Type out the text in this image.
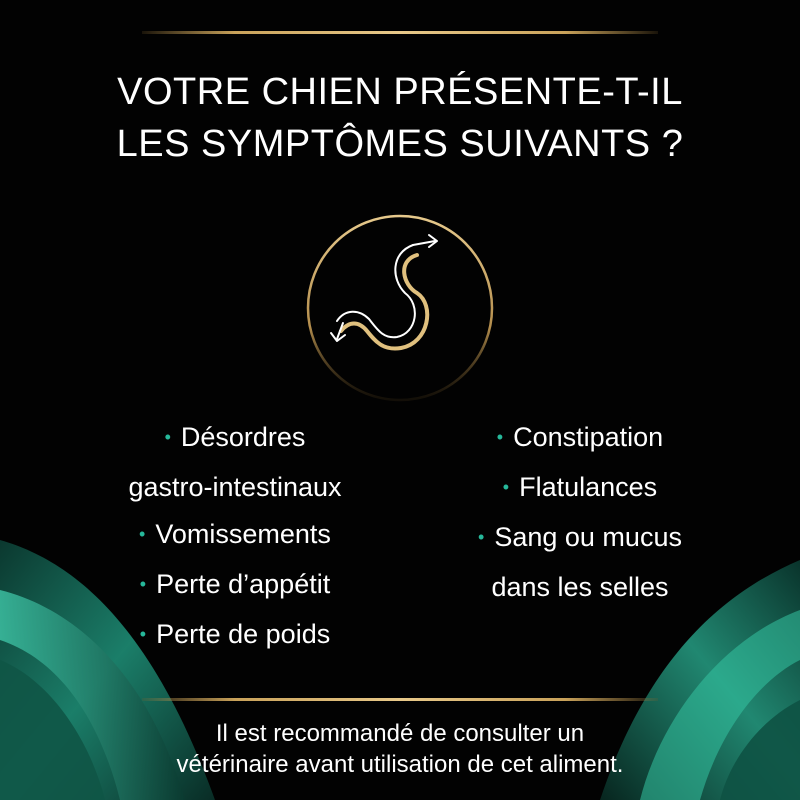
VOTRE CHIEN PRÉSENTE-T-IL
LES SYMPTÔMES SUIVANTS ?
• Désordres
gastro-intestinaux
• Vomissements
• Perte d’appétit
• Perte de poids
• Constipation
• Flatulances
• Sang ou mucus
dans les selles

Il est recommandé de consulter un
vétérinaire avant utilisation de cet aliment.
